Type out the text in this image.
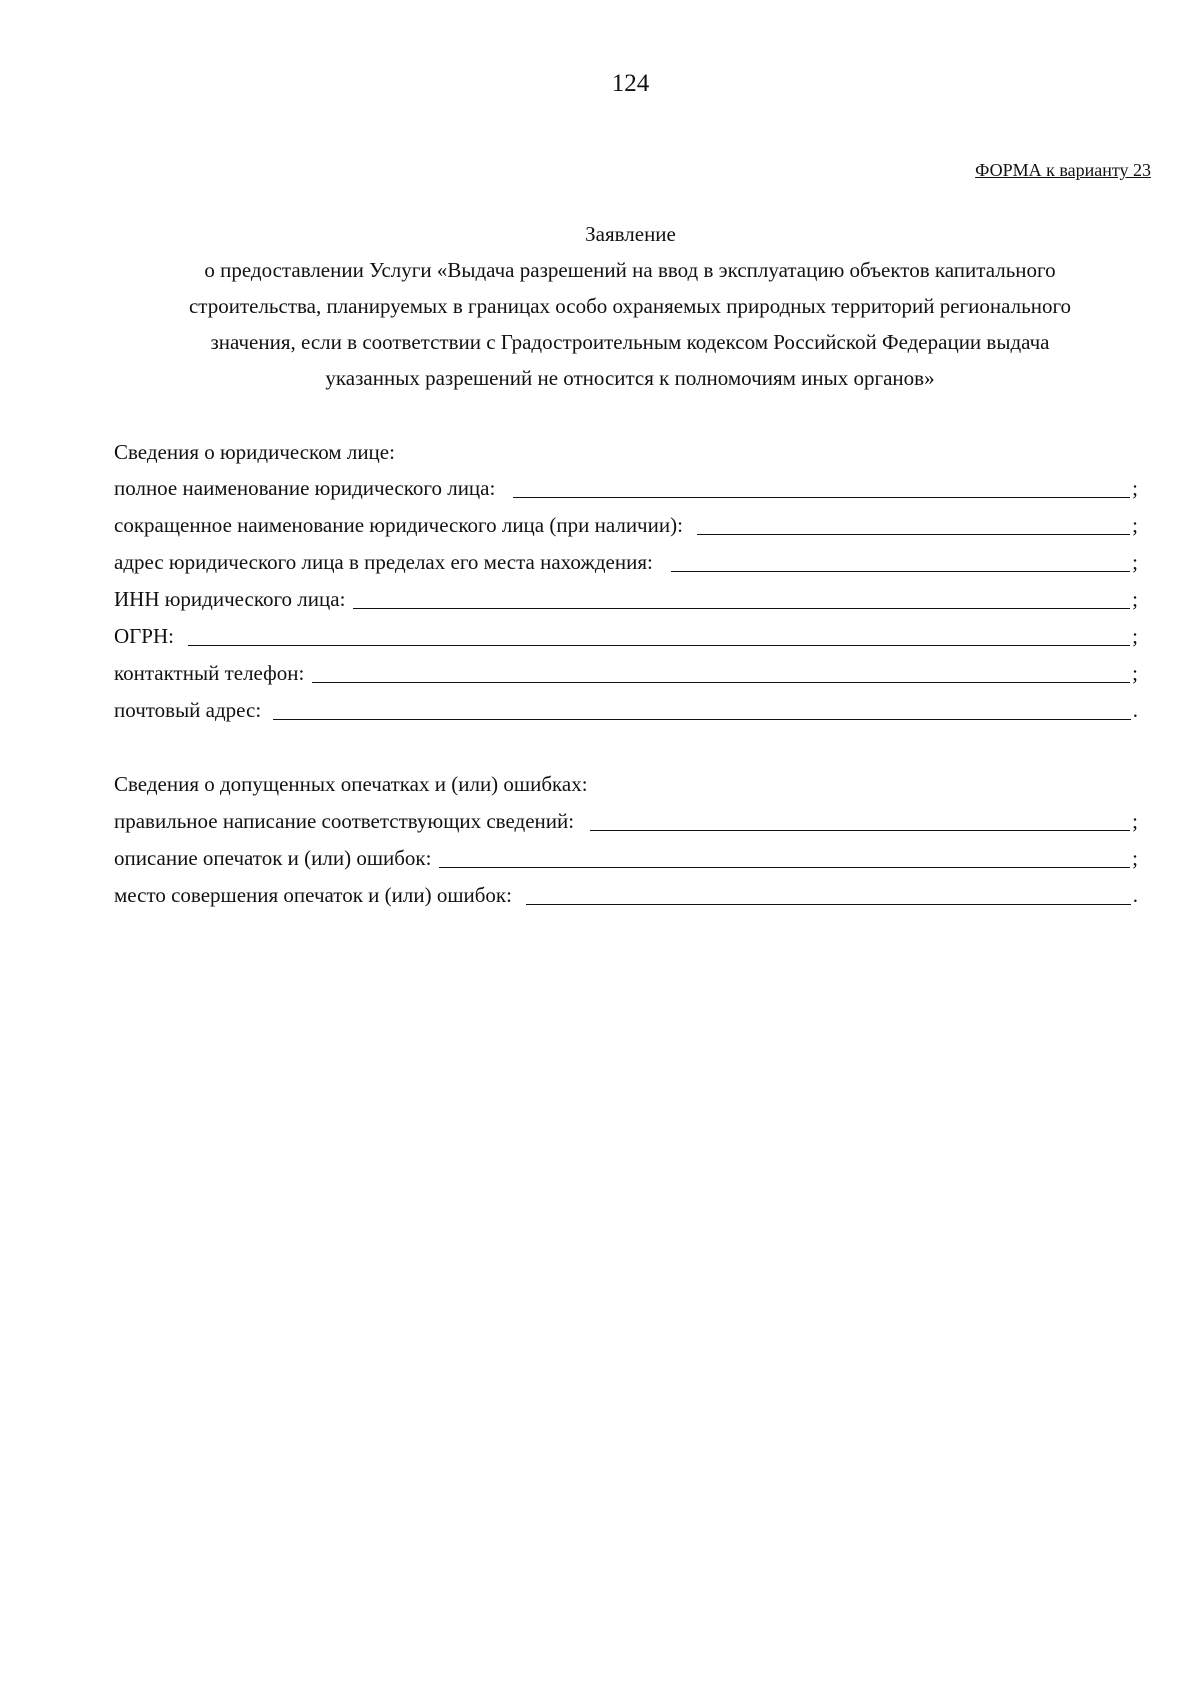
124
ФОРМА к варианту 23
Заявление
о предоставлении Услуги «Выдача разрешений на ввод в эксплуатацию объектов капитального
строительства, планируемых в границах особо охраняемых природных территорий регионального
значения, если в соответствии с Градостроительным кодексом Российской Федерации выдача
указанных разрешений не относится к полномочиям иных органов»
Сведения о юридическом лице:
полное наименование юридического лица:	;
сокращенное наименование юридического лица (при наличии):	;
адрес юридического лица в пределах его места нахождения:	;
ИНН юридического лица:	;
ОГРН:	;
контактный телефон:	;
почтовый адрес:	.
Сведения о допущенных опечатках и (или) ошибках:
правильное написание соответствующих сведений:	;
описание опечаток и (или) ошибок:	;
место совершения опечаток и (или) ошибок:	.
